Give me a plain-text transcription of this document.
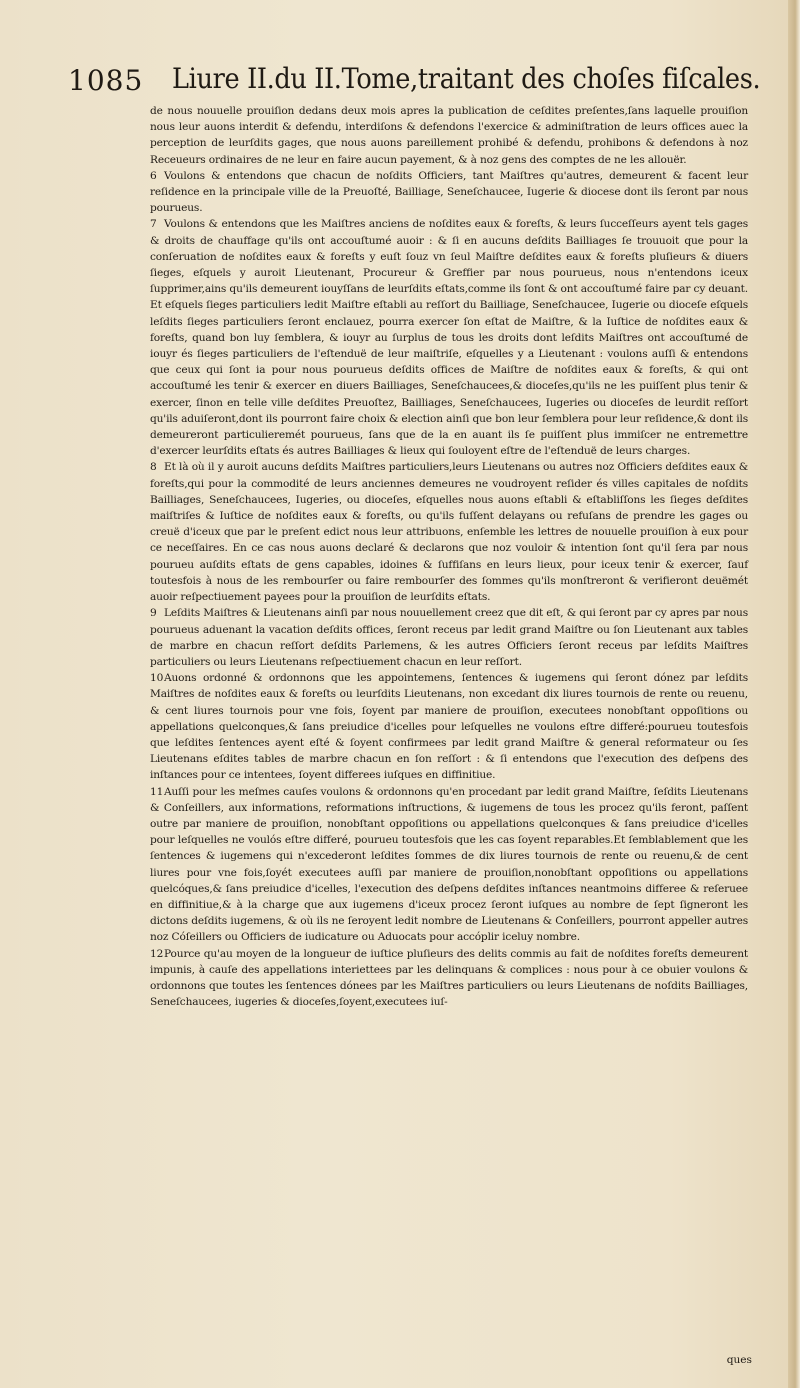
1085 Liure II.du II.Tome,traitant des choſes fiſcales.

de nous nouuelle prouiſion dedans deux mois apres la publication de ceſdites preſentes,ſans laquelle prouiſion nous leur auons interdit & defendu, interdiſons & defendons l'exercice & adminiſtration de leurs offices auec la perception de leurſdits gages, que nous auons pareillement prohibé & defendu, prohibons & defendons à noz Receueurs ordinaires de ne leur en faire aucun payement, & à noz gens des comptes de ne les allouër.

6 Voulons & entendons que chacun de noſdits Officiers, tant Maiſtres qu'autres, demeurent & facent leur reſidence en la principale ville de la Preuoſté, Bailliage, Seneſchaucee, Iugerie & diocese dont ils ſeront par nous pourueus.

7 Voulons & entendons que les Maiſtres anciens de noſdites eaux & foreſts, & leurs ſucceſſeurs ayent tels gages & droits de chauffage qu'ils ont accouſtumé auoir : & ſi en aucuns deſdits Bailliages ſe trouuoit que pour la conſeruation de noſdites eaux & foreſts y euſt ſouz vn ſeul Maiſtre deſdites eaux & foreſts pluſieurs & diuers ſieges, eſquels y auroit Lieutenant, Procureur & Greffier par nous pourueus, nous n'entendons iceux ſupprimer,ains qu'ils demeurent iouyſſans de leurſdits eſtats,comme ils ſont & ont accouſtumé faire par cy deuant. Et eſquels ſieges particuliers ledit Maiſtre eſtabli au reſſort du Bailliage, Seneſchaucee, Iugerie ou dioceſe eſquels leſdits ſieges particuliers ſeront enclauez, pourra exercer ſon eſtat de Maiſtre, & la Iuſtice de noſdites eaux & foreſts, quand bon luy ſemblera, & iouyr au ſurplus de tous les droits dont leſdits Maiſtres ont accouſtumé de iouyr és ſieges particuliers de l'eſtenduë de leur maiſtriſe, eſquelles y a Lieutenant : voulons auſſi & entendons que ceux qui ſont ia pour nous pourueus deſdits offices de Maiſtre de noſdites eaux & foreſts, & qui ont accouſtumé les tenir & exercer en diuers Bailliages, Seneſchaucees,& dioceſes,qu'ils ne les puiſſent plus tenir & exercer, ſinon en telle ville deſdites Preuoſtez, Bailliages, Seneſchaucees, Iugeries ou dioceſes de leurdit reſſort qu'ils aduiſeront,dont ils pourront faire choix & election ainſi que bon leur ſemblera pour leur reſidence,& dont ils demeureront particulieremét pourueus, ſans que de la en auant ils ſe puiſſent plus immiſcer ne entremettre d'exercer leurſdits eſtats és autres Bailliages & lieux qui ſouloyent eſtre de l'eſtenduë de leurs charges.

8 Et là où il y auroit aucuns deſdits Maiſtres particuliers,leurs Lieutenans ou autres noz Officiers deſdites eaux & foreſts,qui pour la commodité de leurs anciennes demeures ne voudroyent reſider és villes capitales de noſdits Bailliages, Seneſchaucees, Iugeries, ou dioceſes, eſquelles nous auons eſtabli & eſtabliſſons les ſieges deſdites maiſtriſes & Iuſtice de noſdites eaux & foreſts, ou qu'ils fuſſent delayans ou refuſans de prendre les gages ou creuë d'iceux que par le preſent edict nous leur attribuons, enſemble les lettres de nouuelle prouiſion à eux pour ce neceſſaires. En ce cas nous auons declaré & declarons que noz vouloir & intention ſont qu'il ſera par nous pourueu auſdits eſtats de gens capables, idoines & ſuffiſans en leurs lieux, pour iceux tenir & exercer, ſauf toutesfois à nous de les rembourſer ou faire rembourſer des ſommes qu'ils monſtreront & verifieront deuëmét auoir reſpectiuement payees pour la prouiſion de leurſdits eſtats.

9 Leſdits Maiſtres & Lieutenans ainſi par nous nouuellement creez que dit eſt, & qui ſeront par cy apres par nous pourueus aduenant la vacation deſdits offices, ſeront receus par ledit grand Maiſtre ou ſon Lieutenant aux tables de marbre en chacun reſſort deſdits Parlemens, & les autres Officiers ſeront receus par leſdits Maiſtres particuliers ou leurs Lieutenans reſpectiuement chacun en leur reſſort.

10Auons ordonné & ordonnons que les appointemens, ſentences & iugemens qui ſeront dónez par leſdits Maiſtres de noſdites eaux & foreſts ou leurſdits Lieutenans, non excedant dix liures tournois de rente ou reuenu, & cent liures tournois pour vne fois, ſoyent par maniere de prouiſion, executees nonobſtant oppoſitions ou appellations quelconques,& ſans preiudice d'icelles pour leſquelles ne voulons eſtre differé:pourueu toutesfois que leſdites ſentences ayent eſté & ſoyent confirmees par ledit grand Maiſtre & general reformateur ou ſes Lieutenans eſdites tables de marbre chacun en ſon reſſort : & ſi entendons que l'execution des deſpens des inſtances pour ce intentees, ſoyent differees iuſques en diffinitiue.

11Auſſi pour les meſmes cauſes voulons & ordonnons qu'en procedant par ledit grand Maiſtre, ſeſdits Lieutenans & Conſeillers, aux informations, reformations inſtructions, & iugemens de tous les procez qu'ils feront, paſſent outre par maniere de prouiſion, nonobſtant oppoſitions ou appellations quelconques & ſans preiudice d'icelles pour leſquelles ne voulós eſtre differé, pourueu toutesfois que les cas ſoyent reparables.Et ſemblablement que les ſentences & iugemens qui n'excederont leſdites ſommes de dix liures tournois de rente ou reuenu,& de cent liures pour vne fois,ſoyét executees auſſi par maniere de prouiſion,nonobſtant oppoſitions ou appellations quelcóques,& ſans preiudice d'icelles, l'execution des deſpens deſdites inſtances neantmoins differee & reſeruee en diffinitiue,& à la charge que aux iugemens d'iceux procez ſeront iuſques au nombre de ſept ſigneront les dictons deſdits iugemens, & où ils ne ſeroyent ledit nombre de Lieutenans & Conſeillers, pourront appeller autres noz Cóſeillers ou Officiers de iudicature ou Aduocats pour accóplir iceluy nombre.

12Pource qu'au moyen de la longueur de iuſtice pluſieurs des delits commis au fait de noſdites foreſts demeurent impunis, à cauſe des appellations interiettees par les delinquans & complices : nous pour à ce obuier voulons & ordonnons que toutes les ſentences dónees par les Maiſtres particuliers ou leurs Lieutenans de noſdits Bailliages, Seneſchaucees, iugeries & dioceſes,ſoyent,executees iuſ-

ques
